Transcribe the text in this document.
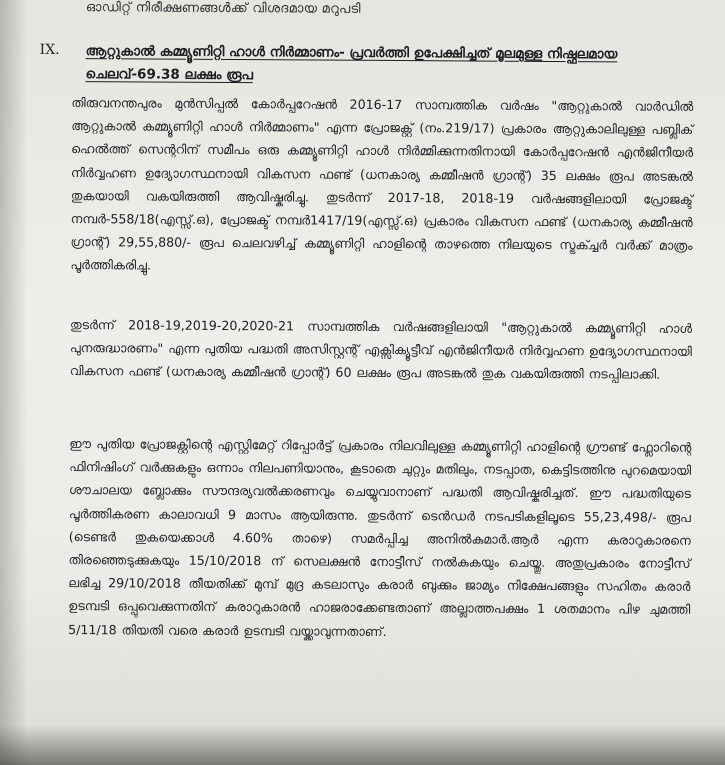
ഓഡിറ്റ് നിരീക്ഷണങ്ങൾക്ക് വിശദമായ മറുപടി
IX. ആറ്റുകാൽ കമ്മ്യൂണിറ്റി ഹാൾ നിർമ്മാണം- പ്രവർത്തി ഉപേക്ഷിച്ചത് മൂലമുള്ള നിഷ്ഫലമായ ചെലവ്-69.38 ലക്ഷം രൂപ
തിരുവനന്തപുരം മുൻസിപ്പൽ കോർപ്പറേഷൻ 2016-17 സാമ്പത്തിക വർഷം "ആറ്റുകാൽ വാർഡിൽ ആറ്റുകാൽ കമ്മ്യൂണിറ്റി ഹാൾ നിർമ്മാണം" എന്ന പ്രോജക്റ്റ് (നം.219/17) പ്രകാരം ആറ്റുകാലിലുള്ള പബ്ലിക് ഹെൽത്ത് സെന്ററിന് സമീപം ഒരു കമ്മ്യൂണിറ്റി ഹാൾ നിർമ്മിക്കുന്നതിനായി കോർപ്പറേഷൻ എൻജിനീയർ നിർവ്വഹണ ഉദ്യോഗസ്ഥനായി വികസന ഫണ്ട് (ധനകാര്യ കമ്മീഷൻ ഗ്രാന്റ്) 35 ലക്ഷം രൂപ അടങ്കൽ തുകയായി വകയിരുത്തി ആവിഷ്കരിച്ചു. തുടർന്ന് 2017-18, 2018-19 വർഷങ്ങളിലായി പ്രോജക്ട് നമ്പർ-558/18(എസ്സ്.ഒ), പ്രോജക്ട് നമ്പർ1417/19(എസ്സ്.ഒ) പ്രകാരം വികസന ഫണ്ട് (ധനകാര്യ കമ്മീഷൻ ഗ്രാന്റ്) 29,55,880/- രൂപ ചെലവഴിച്ച് കമ്മ്യൂണിറ്റി ഹാളിന്റെ താഴത്തെ നിലയുടെ സ്ട്രക്ച്ചർ വർക്ക് മാത്രം പൂർത്തികരിച്ചു.
തുടർന്ന് 2018-19,2019-20,2020-21 സാമ്പത്തിക വർഷങ്ങളിലായി "ആറ്റുകാൽ കമ്മ്യൂണിറ്റി ഹാൾ പുനരുദ്ധാരണം" എന്ന പുതിയ പദ്ധതി അസിസ്റ്റന്റ് എക്സിക്യൂട്ടീവ് എൻജിനീയർ നിർവ്വഹണ ഉദ്യോഗസ്ഥനായി വികസന ഫണ്ട് (ധനകാര്യ കമ്മീഷൻ ഗ്രാന്റ്) 60 ലക്ഷം രൂപ അടങ്കൽ തുക വകയിരുത്തി നടപ്പിലാക്കി.
ഈ പുതിയ പ്രോജക്റ്റിന്റെ എസ്റ്റിമേറ്റ് റിപ്പോർട്ട് പ്രകാരം നിലവിലുള്ള കമ്മ്യൂണിറ്റി ഹാളിന്റെ ഗ്രൗണ്ട് ഫ്ലോറിന്റെ ഫിനിഷിംഗ് വർക്കുകളും ഒന്നാം നിലപണിയാനും, കൂടാതെ ചുറ്റും മതിലും, നടപ്പാത, കെട്ടിടത്തിനു പുറമെയായി ശൗചാലയ ബ്ലോക്കും സൗന്ദര്യവൽക്കരണവും ചെയ്യുവാനാണ് പദ്ധതി ആവിഷ്കരിച്ചത്. ഈ പദ്ധതിയുടെ പൂർത്തികരണ കാലാവധി 9 മാസം ആയിരുന്നു. തുടർന്ന് ടെൻഡർ നടപടികളിലൂടെ 55,23,498/- രൂപ (ടെണ്ടർ തുകയെക്കാൾ 4.60% താഴെ) സമർപ്പിച്ച അനിൽകുമാർ.ആർ എന്ന കരാറുകാരനെ തിരഞ്ഞെടുക്കുകയും 15/10/2018 ന് സെലക്ഷൻ നോട്ടീസ് നൽകുകയും ചെയ്തു. അതുപ്രകാരം നോട്ടീസ് ലഭിച്ച 29/10/2018 തീയതിക്ക് മുമ്പ് മുദ്ര കടലാസും കരാർ ബുക്കും ജാമ്യം നിക്ഷേപങ്ങളും സഹിതം കരാർ ഉടമ്പടി ഒപ്പുവെക്കുന്നതിന് കരാറുകാരൻ ഹാജരാക്കേണ്ടതാണ് അല്ലാത്തപക്ഷം 1 ശതമാനം പിഴ ചുമത്തി 5/11/18 തിയതി വരെ കരാർ ഉടമ്പടി വയ്ക്കാവുന്നതാണ്.
